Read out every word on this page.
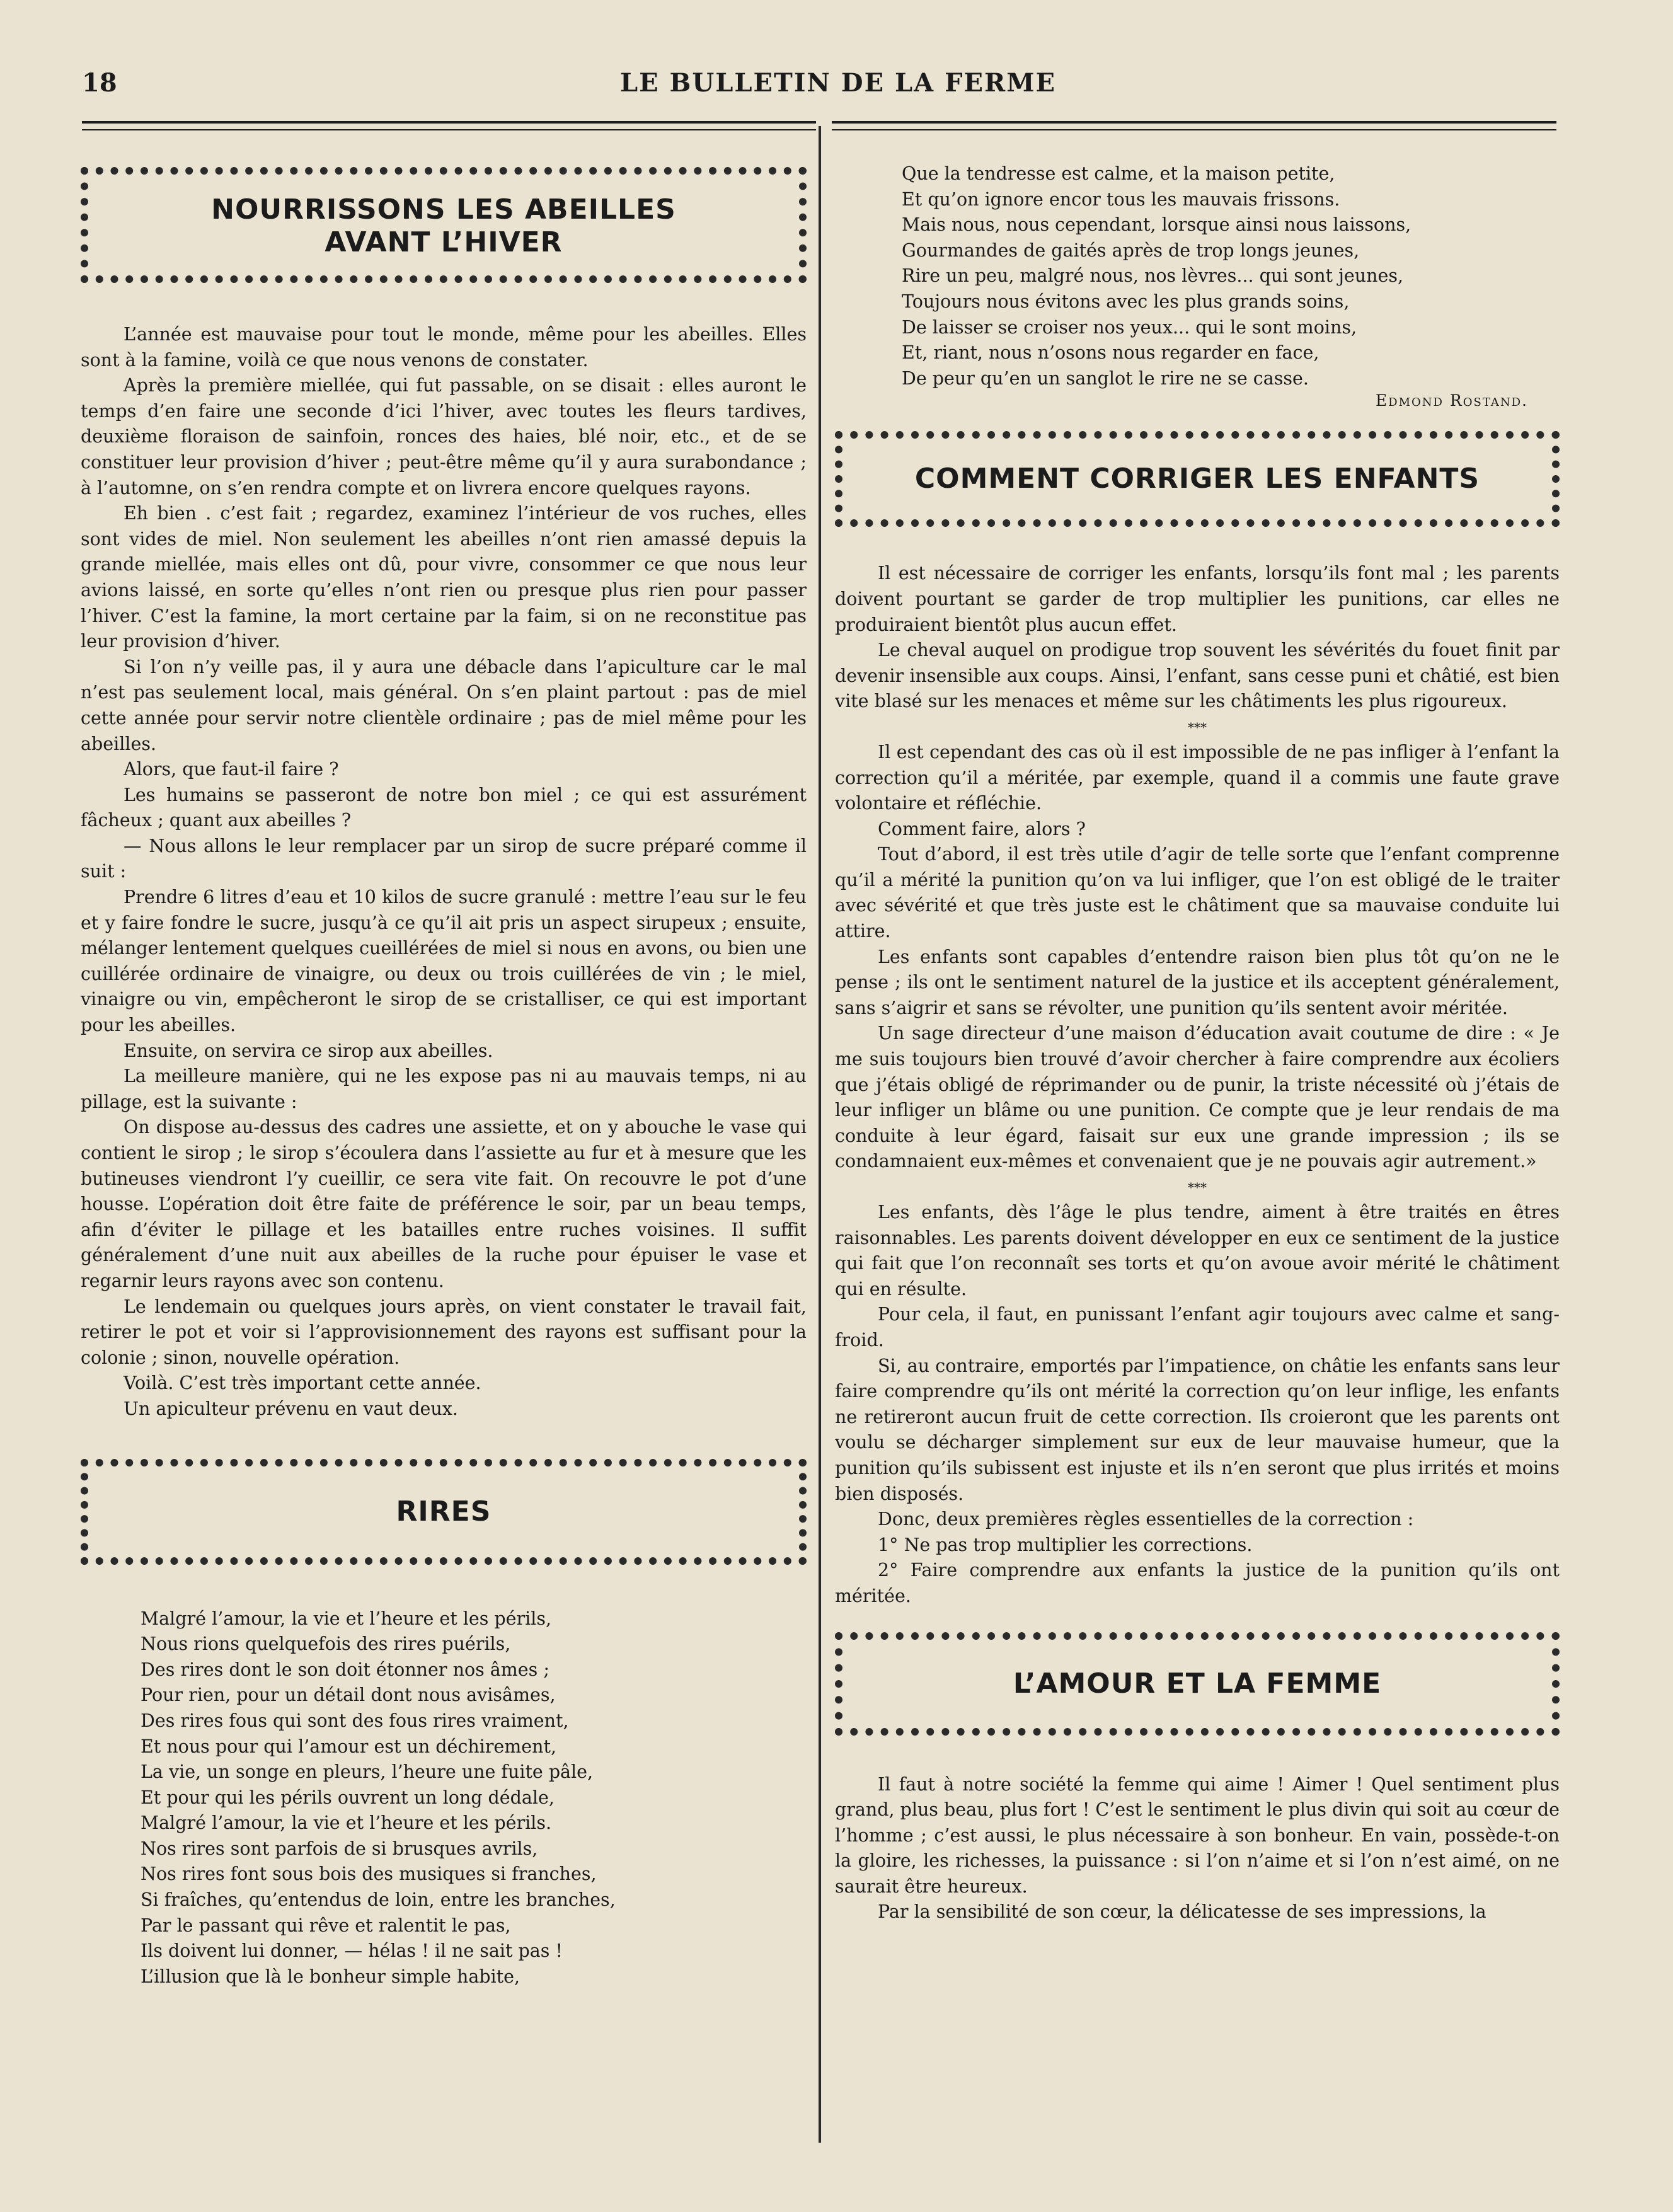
18	LE BULLETIN DE LA FERME
NOURRISSONS LES ABEILLES
AVANT L’HIVER

L’année est mauvaise pour tout le monde, même pour les abeilles. Elles sont à la famine, voilà ce que nous venons de constater.

Après la première miellée, qui fut passable, on se disait : elles auront le temps d’en faire une seconde d’ici l’hiver, avec toutes les fleurs tardives, deuxième floraison de sainfoin, ronces des haies, blé noir, etc., et de se constituer leur provision d’hiver ; peut-être même qu’il y aura surabondance ; à l’automne, on s’en rendra compte et on livrera encore quelques rayons.

Eh bien . c’est fait ; regardez, examinez l’intérieur de vos ruches, elles sont vides de miel. Non seulement les abeilles n’ont rien amassé depuis la grande miellée, mais elles ont dû, pour vivre, consommer ce que nous leur avions laissé, en sorte qu’elles n’ont rien ou presque plus rien pour passer l’hiver. C’est la famine, la mort certaine par la faim, si on ne reconstitue pas leur provision d’hiver.

Si l’on n’y veille pas, il y aura une débacle dans l’apiculture car le mal n’est pas seulement local, mais général. On s’en plaint partout : pas de miel cette année pour servir notre clientèle ordinaire ; pas de miel même pour les abeilles.

Alors, que faut-il faire ?

Les humains se passeront de notre bon miel ; ce qui est assurément fâcheux ; quant aux abeilles ?

— Nous allons le leur remplacer par un sirop de sucre préparé comme il suit :

Prendre 6 litres d’eau et 10 kilos de sucre granulé : mettre l’eau sur le feu et y faire fondre le sucre, jusqu’à ce qu’il ait pris un aspect sirupeux ; ensuite, mélanger lentement quelques cueillérées de miel si nous en avons, ou bien une cuillérée ordinaire de vinaigre, ou deux ou trois cuillérées de vin ; le miel, vinaigre ou vin, empêcheront le sirop de se cristalliser, ce qui est important pour les abeilles.

Ensuite, on servira ce sirop aux abeilles.

La meilleure manière, qui ne les expose pas ni au mauvais temps, ni au pillage, est la suivante :

On dispose au-dessus des cadres une assiette, et on y abouche le vase qui contient le sirop ; le sirop s’écoulera dans l’assiette au fur et à mesure que les butineuses viendront l’y cueillir, ce sera vite fait. On recouvre le pot d’une housse. L’opération doit être faite de préférence le soir, par un beau temps, afin d’éviter le pillage et les batailles entre ruches voisines. Il suffit généralement d’une nuit aux abeilles de la ruche pour épuiser le vase et regarnir leurs rayons avec son contenu.

Le lendemain ou quelques jours après, on vient constater le travail fait, retirer le pot et voir si l’approvisionnement des rayons est suffisant pour la colonie ; sinon, nouvelle opération.

Voilà. C’est très important cette année.

Un apiculteur prévenu en vaut deux.

RIRES
Malgré l’amour, la vie et l’heure et les périls,
Nous rions quelquefois des rires puérils,
Des rires dont le son doit étonner nos âmes ;
Pour rien, pour un détail dont nous avisâmes,
Des rires fous qui sont des fous rires vraiment,
Et nous pour qui l’amour est un déchirement,
La vie, un songe en pleurs, l’heure une fuite pâle,
Et pour qui les périls ouvrent un long dédale,
Malgré l’amour, la vie et l’heure et les périls.
Nos rires sont parfois de si brusques avrils,
Nos rires font sous bois des musiques si franches,
Si fraîches, qu’entendus de loin, entre les branches,
Par le passant qui rêve et ralentit le pas,
Ils doivent lui donner, — hélas ! il ne sait pas !
L’illusion que là le bonheur simple habite,
Que la tendresse est calme, et la maison petite,
Et qu’on ignore encor tous les mauvais frissons.
Mais nous, nous cependant, lorsque ainsi nous laissons,
Gourmandes de gaités après de trop longs jeunes,
Rire un peu, malgré nous, nos lèvres... qui sont jeunes,
Toujours nous évitons avec les plus grands soins,
De laisser se croiser nos yeux... qui le sont moins,
Et, riant, nous n’osons nous regarder en face,
De peur qu’en un sanglot le rire ne se casse.
Edmond Rostand.
COMMENT CORRIGER LES ENFANTS

Il est nécessaire de corriger les enfants, lorsqu’ils font mal ; les parents doivent pourtant se garder de trop multiplier les punitions, car elles ne produiraient bientôt plus aucun effet.

Le cheval auquel on prodigue trop souvent les sévérités du fouet finit par devenir insensible aux coups. Ainsi, l’enfant, sans cesse puni et châtié, est bien vite blasé sur les menaces et même sur les châtiments les plus rigoureux.

***

Il est cependant des cas où il est impossible de ne pas infliger à l’enfant la correction qu’il a méritée, par exemple, quand il a commis une faute grave volontaire et réfléchie.

Comment faire, alors ?

Tout d’abord, il est très utile d’agir de telle sorte que l’enfant comprenne qu’il a mérité la punition qu’on va lui infliger, que l’on est obligé de le traiter avec sévérité et que très juste est le châtiment que sa mauvaise conduite lui attire.

Les enfants sont capables d’entendre raison bien plus tôt qu’on ne le pense ; ils ont le sentiment naturel de la justice et ils acceptent généralement, sans s’aigrir et sans se révolter, une punition qu’ils sentent avoir méritée.

Un sage directeur d’une maison d’éducation avait coutume de dire : « Je me suis toujours bien trouvé d’avoir chercher à faire comprendre aux écoliers que j’étais obligé de réprimander ou de punir, la triste nécessité où j’étais de leur infliger un blâme ou une punition. Ce compte que je leur rendais de ma conduite à leur égard, faisait sur eux une grande impression ; ils se condamnaient eux-mêmes et convenaient que je ne pouvais agir autrement.»

***

Les enfants, dès l’âge le plus tendre, aiment à être traités en êtres raisonnables. Les parents doivent développer en eux ce sentiment de la justice qui fait que l’on reconnaît ses torts et qu’on avoue avoir mérité le châtiment qui en résulte.

Pour cela, il faut, en punissant l’enfant agir toujours avec calme et sang-froid.

Si, au contraire, emportés par l’impatience, on châtie les enfants sans leur faire comprendre qu’ils ont mérité la correction qu’on leur inflige, les enfants ne retireront aucun fruit de cette correction. Ils croieront que les parents ont voulu se décharger simplement sur eux de leur mauvaise humeur, que la punition qu’ils subissent est injuste et ils n’en seront que plus irrités et moins bien disposés.

Donc, deux premières règles essentielles de la correction :

1° Ne pas trop multiplier les corrections.

2° Faire comprendre aux enfants la justice de la punition qu’ils ont méritée.

L’AMOUR ET LA FEMME

Il faut à notre société la femme qui aime ! Aimer ! Quel sentiment plus grand, plus beau, plus fort ! C’est le sentiment le plus divin qui soit au cœur de l’homme ; c’est aussi, le plus nécessaire à son bonheur. En vain, possède-t-on la gloire, les richesses, la puissance : si l’on n’aime et si l’on n’est aimé, on ne saurait être heureux.

Par la sensibilité de son cœur, la délicatesse de ses impressions, la
